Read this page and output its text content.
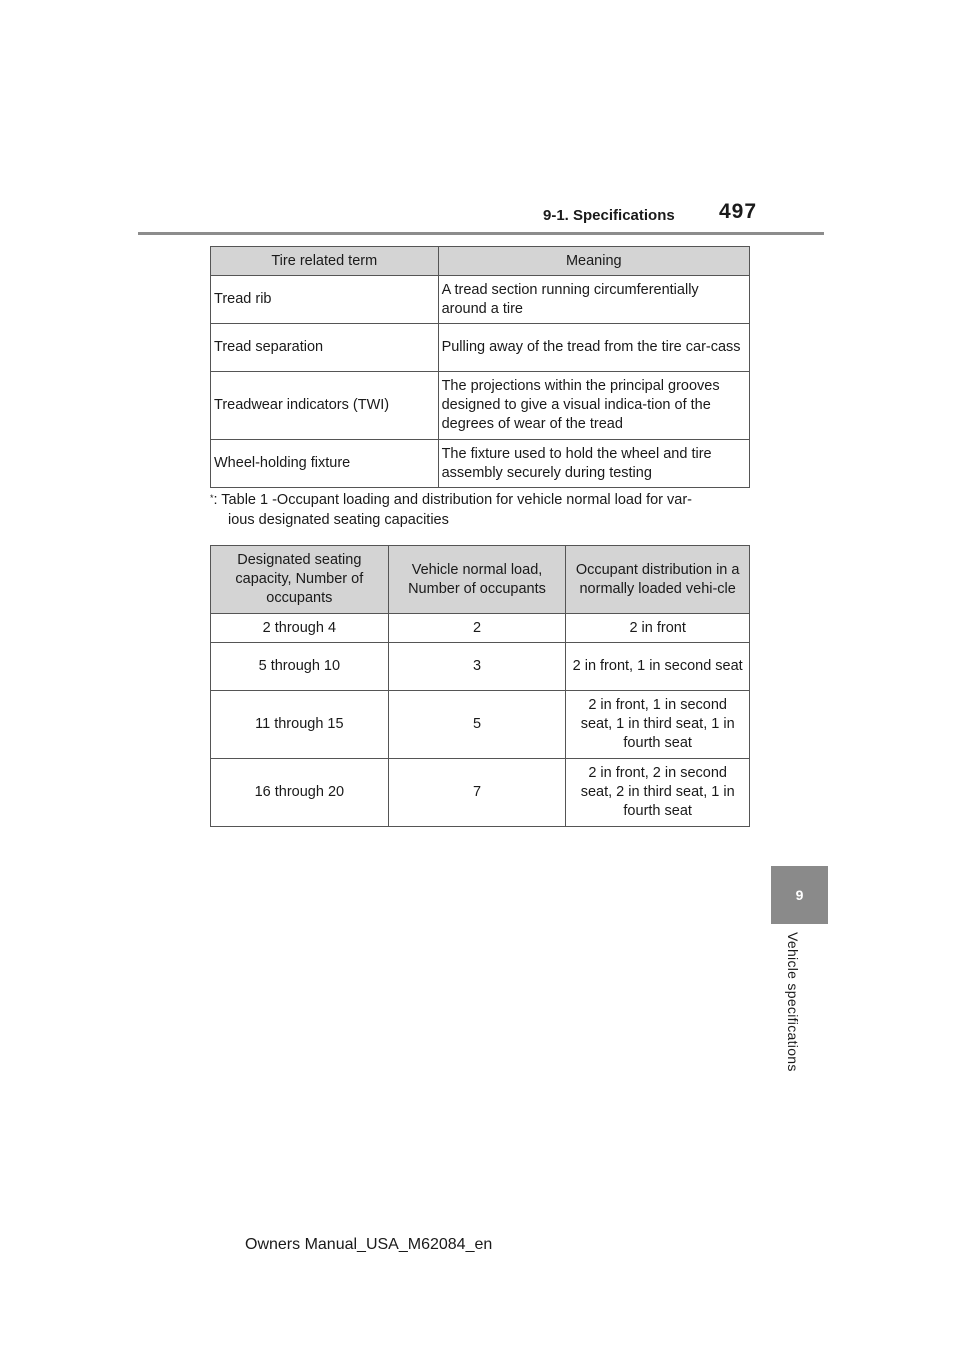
9-1. Specifications 497
9
Vehicle specifications
Tire related term	Meaning
Tread rib	A tread section running circumferentially around a tire
Tread separation	Pulling away of the tread from the tire car-cass
Treadwear indicators (TWI)	The projections within the principal grooves designed to give a visual indica-tion of the degrees of wear of the tread
Wheel-holding fixture	The fixture used to hold the wheel and tire assembly securely during testing
*: Table 1 -Occupant loading and distribution for vehicle normal load for var-
ious designated seating capacities
Designated seating capacity, Number of occupants	Vehicle normal load, Number of occupants	Occupant distribution in a normally loaded vehi-cle
2 through 4	2	2 in front
5 through 10	3	2 in front, 1 in second seat
11 through 15	5	2 in front, 1 in second seat, 1 in third seat, 1 in fourth seat
16 through 20	7	2 in front, 2 in second seat, 2 in third seat, 1 in fourth seat
Owners Manual_USA_M62084_en
